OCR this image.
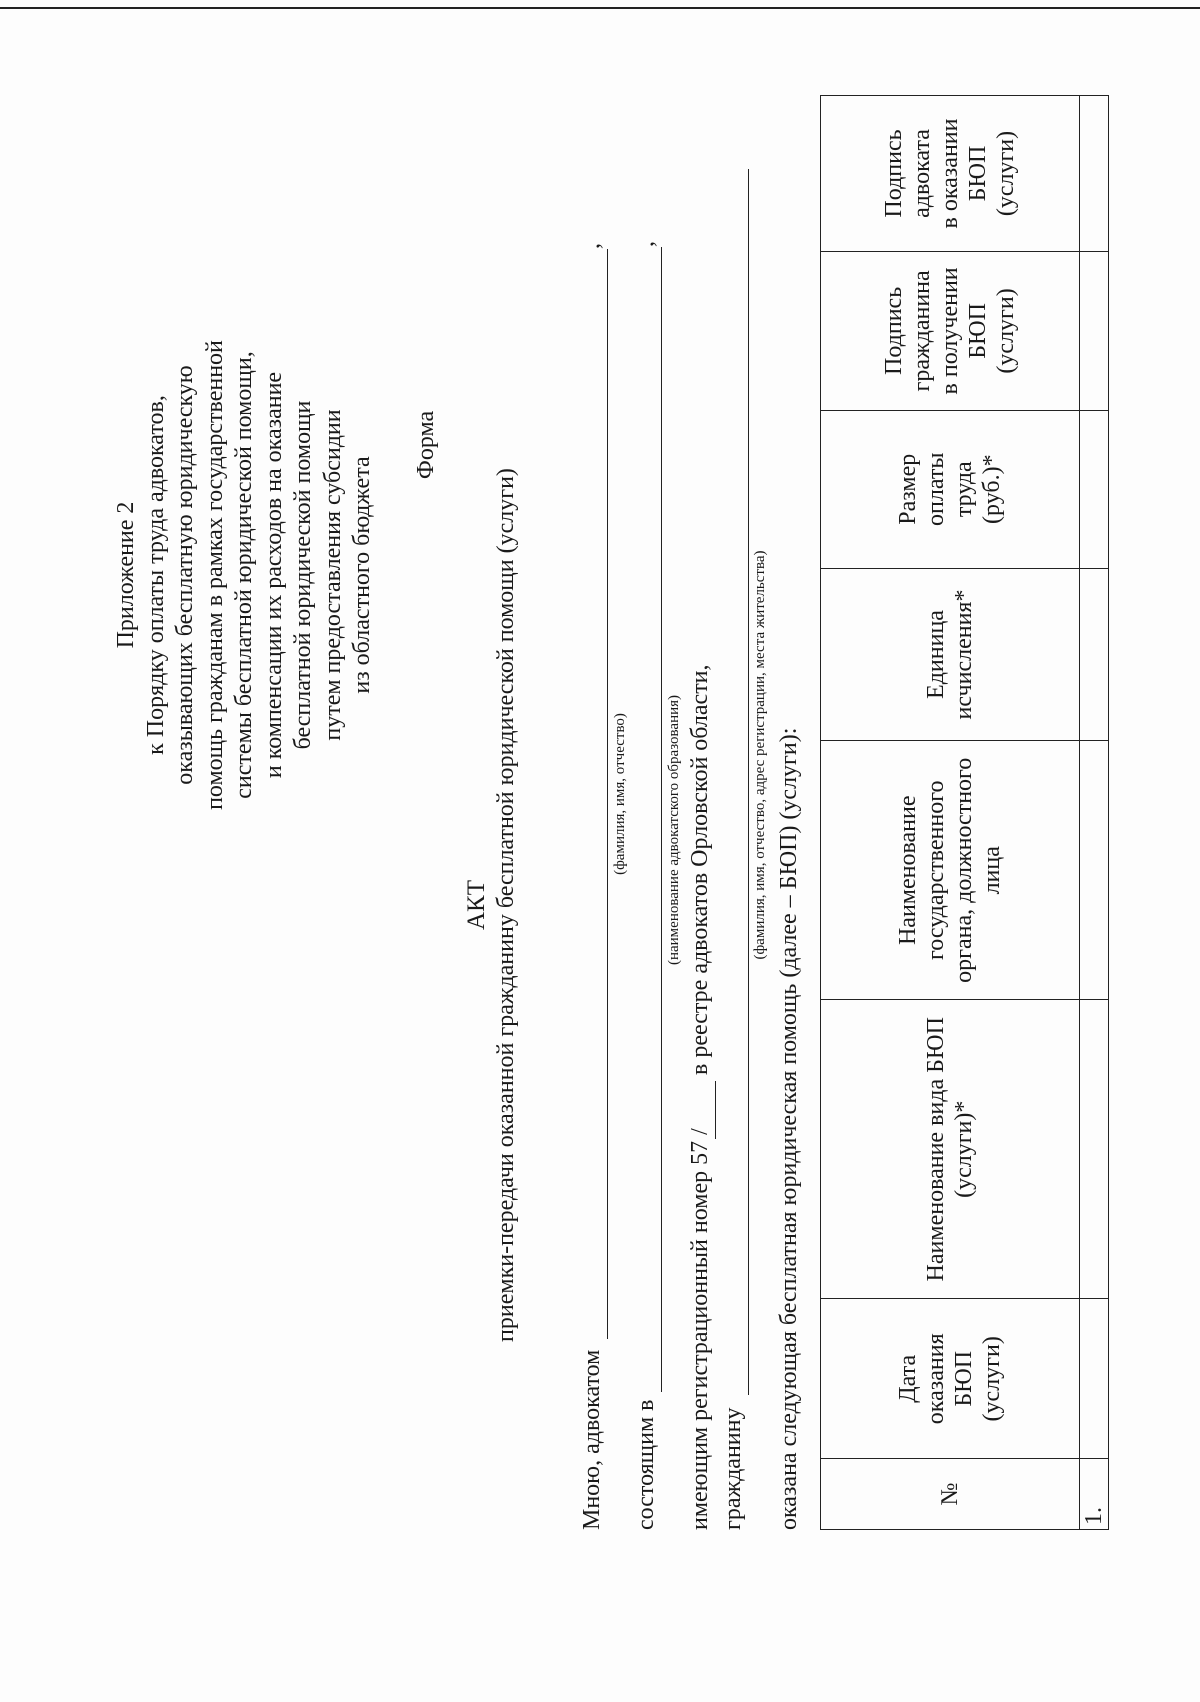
Приложение 2 к Порядку оплаты труда адвокатов, оказывающих бесплатную юридическую помощь гражданам в рамках государственной системы бесплатной юридической помощи, и компенсации их расходов на оказание бесплатной юридической помощи путем предоставления субсидии из областного бюджета
Форма
АКТ приемки-передачи оказанной гражданину бесплатной юридической помощи (услуги)
Мною, адвокатом
,
(фамилия, имя, отчество)
состоящим в
,
(наименование адвокатского образования)
имеющим регистрационный номер 57 /
в реестре адвокатов Орловской области,
гражданину
(фамилия, имя, отчество, адрес регистрации, места жительства) оказана следующая бесплатная юридическая помощь (далее – БЮП) (услуги):	№	Дата
оказания
БЮП
(услуги)	Наименование вида БЮП
(услуги)*	Наименование
государственного
органа, должностного
лица	Единица
исчисления*	Размер
оплаты
труда
(руб.)*	Подпись
гражданина
в получении
БЮП
(услуги)	Подпись
адвоката
в оказании
БЮП
(услуги)
1.							
